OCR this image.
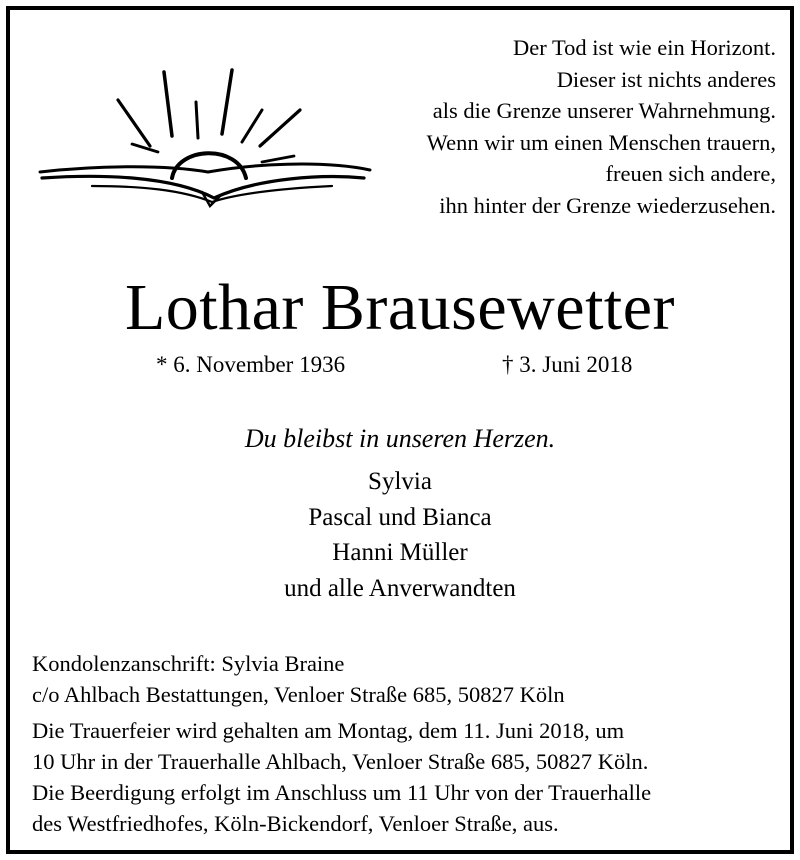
Der Tod ist wie ein Horizont.
Dieser ist nichts anderes
als die Grenze unserer Wahrnehmung.
Wenn wir um einen Menschen trauern,
freuen sich andere,
ihn hinter der Grenze wiederzusehen.
Lothar Brausewetter
* 6. November 1936	† 3. Juni 2018
Du bleibst in unseren Herzen.
Sylvia
Pascal und Bianca
Hanni Müller
und alle Anverwandten
Kondolenzanschrift: Sylvia Braine
c/o Ahlbach Bestattungen, Venloer Straße 685, 50827 Köln
Die Trauerfeier wird gehalten am Montag, dem 11. Juni 2018, um
10 Uhr in der Trauerhalle Ahlbach, Venloer Straße 685, 50827 Köln.
Die Beerdigung erfolgt im Anschluss um 11 Uhr von der Trauerhalle
des Westfriedhofes, Köln-Bickendorf, Venloer Straße, aus.
